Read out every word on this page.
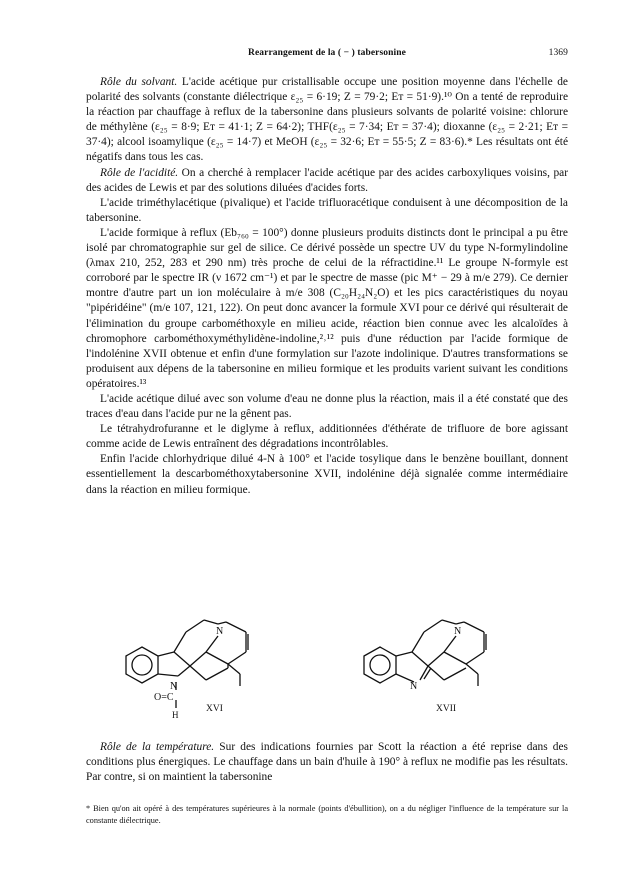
Rearrangement de la ( − ) tabersonine	1369

Rôle du solvant. L'acide acétique pur cristallisable occupe une position moyenne dans l'échelle de polarité des solvants (constante diélectrique ε₂₅ = 6·19; Z = 79·2; Eᴛ = 51·9).¹⁰ On a tenté de reproduire la réaction par chauffage à reflux de la tabersonine dans plusieurs solvants de polarité voisine: chlorure de méthylène (ε₂₅ = 8·9; Eᴛ = 41·1; Z = 64·2); THF(ε₂₅ = 7·34; Eᴛ = 37·4); dioxanne (ε₂₅ = 2·21; Eᴛ = 37·4); alcool isoamylique (ε₂₅ = 14·7) et MeOH (ε₂₅ = 32·6; Eᴛ = 55·5; Z = 83·6).* Les résultats ont été négatifs dans tous les cas.

Rôle de l'acidité. On a cherché à remplacer l'acide acétique par des acides carboxyliques voisins, par des acides de Lewis et par des solutions diluées d'acides forts.

L'acide triméthylacétique (pivalique) et l'acide trifluoracétique conduisent à une décomposition de la tabersonine.

L'acide formique à reflux (Eb₇₆₀ = 100°) donne plusieurs produits distincts dont le principal a pu être isolé par chromatographie sur gel de silice. Ce dérivé possède un spectre UV du type N-formylindoline (λmax 210, 252, 283 et 290 nm) très proche de celui de la réfractidine.¹¹ Le groupe N-formyle est corroboré par le spectre IR (ν 1672 cm⁻¹) et par le spectre de masse (pic M⁺ − 29 à m/e 279). Ce dernier montre d'autre part un ion moléculaire à m/e 308 (C₂₀H₂₄N₂O) et les pics caractéristiques du noyau "pipéridéine" (m/e 107, 121, 122). On peut donc avancer la formule XVI pour ce dérivé qui résulterait de l'élimination du groupe carbométhoxyle en milieu acide, réaction bien connue avec les alcaloïdes à chromophore carbométhoxyméthylidène-indoline,²˒¹² puis d'une réduction par l'acide formique de l'indolénine XVII obtenue et enfin d'une formylation sur l'azote indolinique. D'autres transformations se produisent aux dépens de la tabersonine en milieu formique et les produits varient suivant les conditions opératoires.¹³

L'acide acétique dilué avec son volume d'eau ne donne plus la réaction, mais il a été constaté que des traces d'eau dans l'acide pur ne la gênent pas.

Le tétrahydrofuranne et le diglyme à reflux, additionnées d'éthérate de trifluore de bore agissant comme acide de Lewis entraînent des dégradations incontrôlables.

Enfin l'acide chlorhydrique dilué 4-N à 100° et l'acide tosylique dans le benzène bouillant, donnent essentiellement la descarbométhoxytabersonine XVII, indolénine déjà signalée comme intermédiaire dans la réaction en milieu formique.

N
N
O=C
H
XVI
N
N
XVII

Rôle de la température. Sur des indications fournies par Scott la réaction a été reprise dans des conditions plus énergiques. Le chauffage dans un bain d'huile à 190° à reflux ne modifie pas les résultats. Par contre, si on maintient la tabersonine

* Bien qu'on ait opéré à des températures supérieures à la normale (points d'ébullition), on a du négliger l'influence de la température sur la constante diélectrique.
